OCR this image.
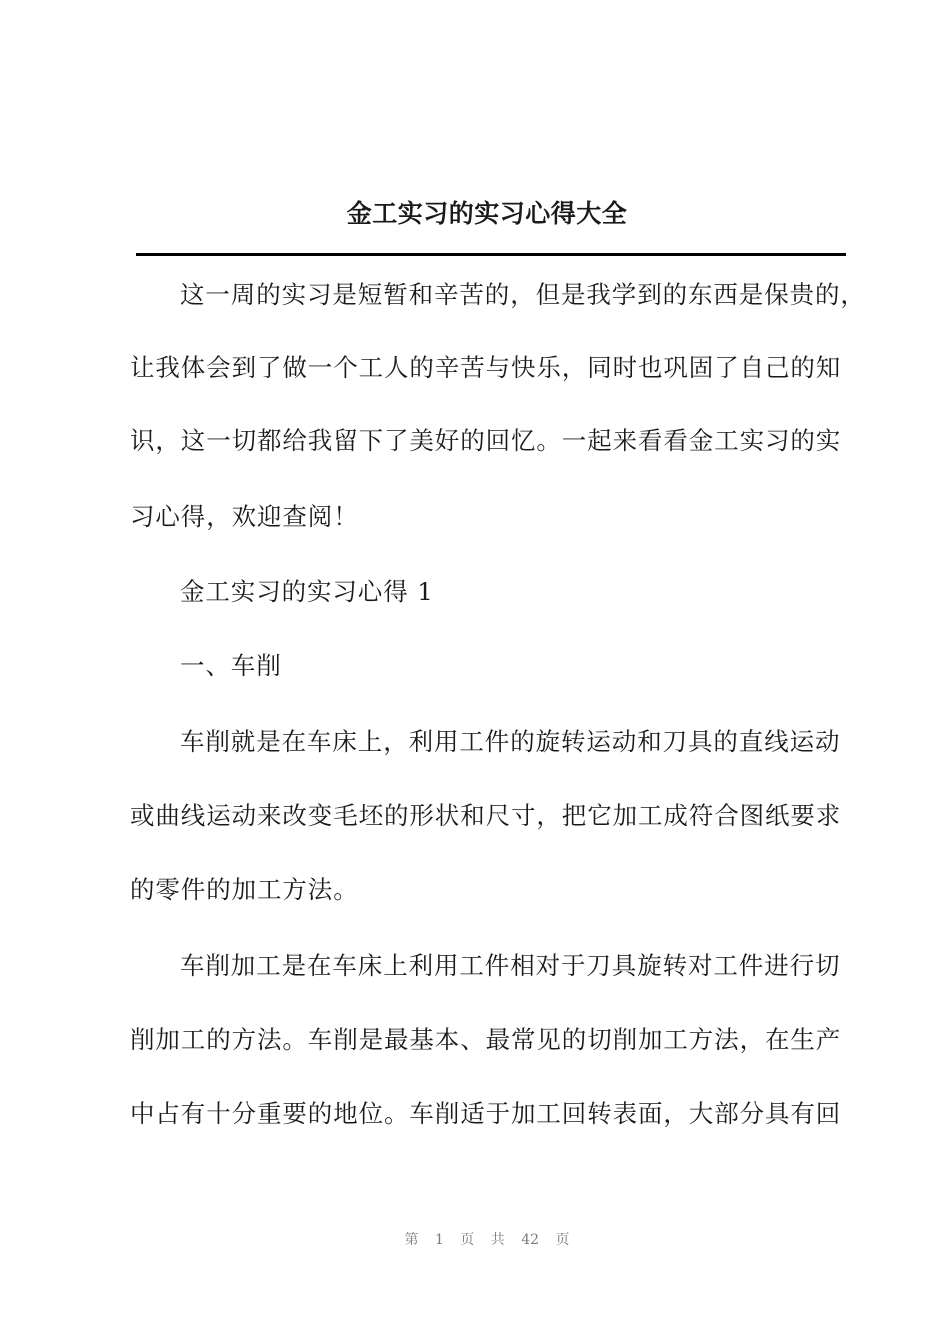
金工实习的实习心得大全
这一周的实习是短暂和辛苦的，但是我学到的东西是保贵的，
让我体会到了做一个工人的辛苦与快乐，同时也巩固了自己的知
识，这一切都给我留下了美好的回忆。一起来看看金工实习的实
习心得，欢迎查阅！
金工实习的实习心得 1
一、车削
车削就是在车床上，利用工件的旋转运动和刀具的直线运动
或曲线运动来改变毛坯的形状和尺寸，把它加工成符合图纸要求
的零件的加工方法。
车削加工是在车床上利用工件相对于刀具旋转对工件进行切
削加工的方法。车削是最基本、最常见的切削加工方法，在生产
中占有十分重要的地位。车削适于加工回转表面，大部分具有回
第 1 页 共 42 页
